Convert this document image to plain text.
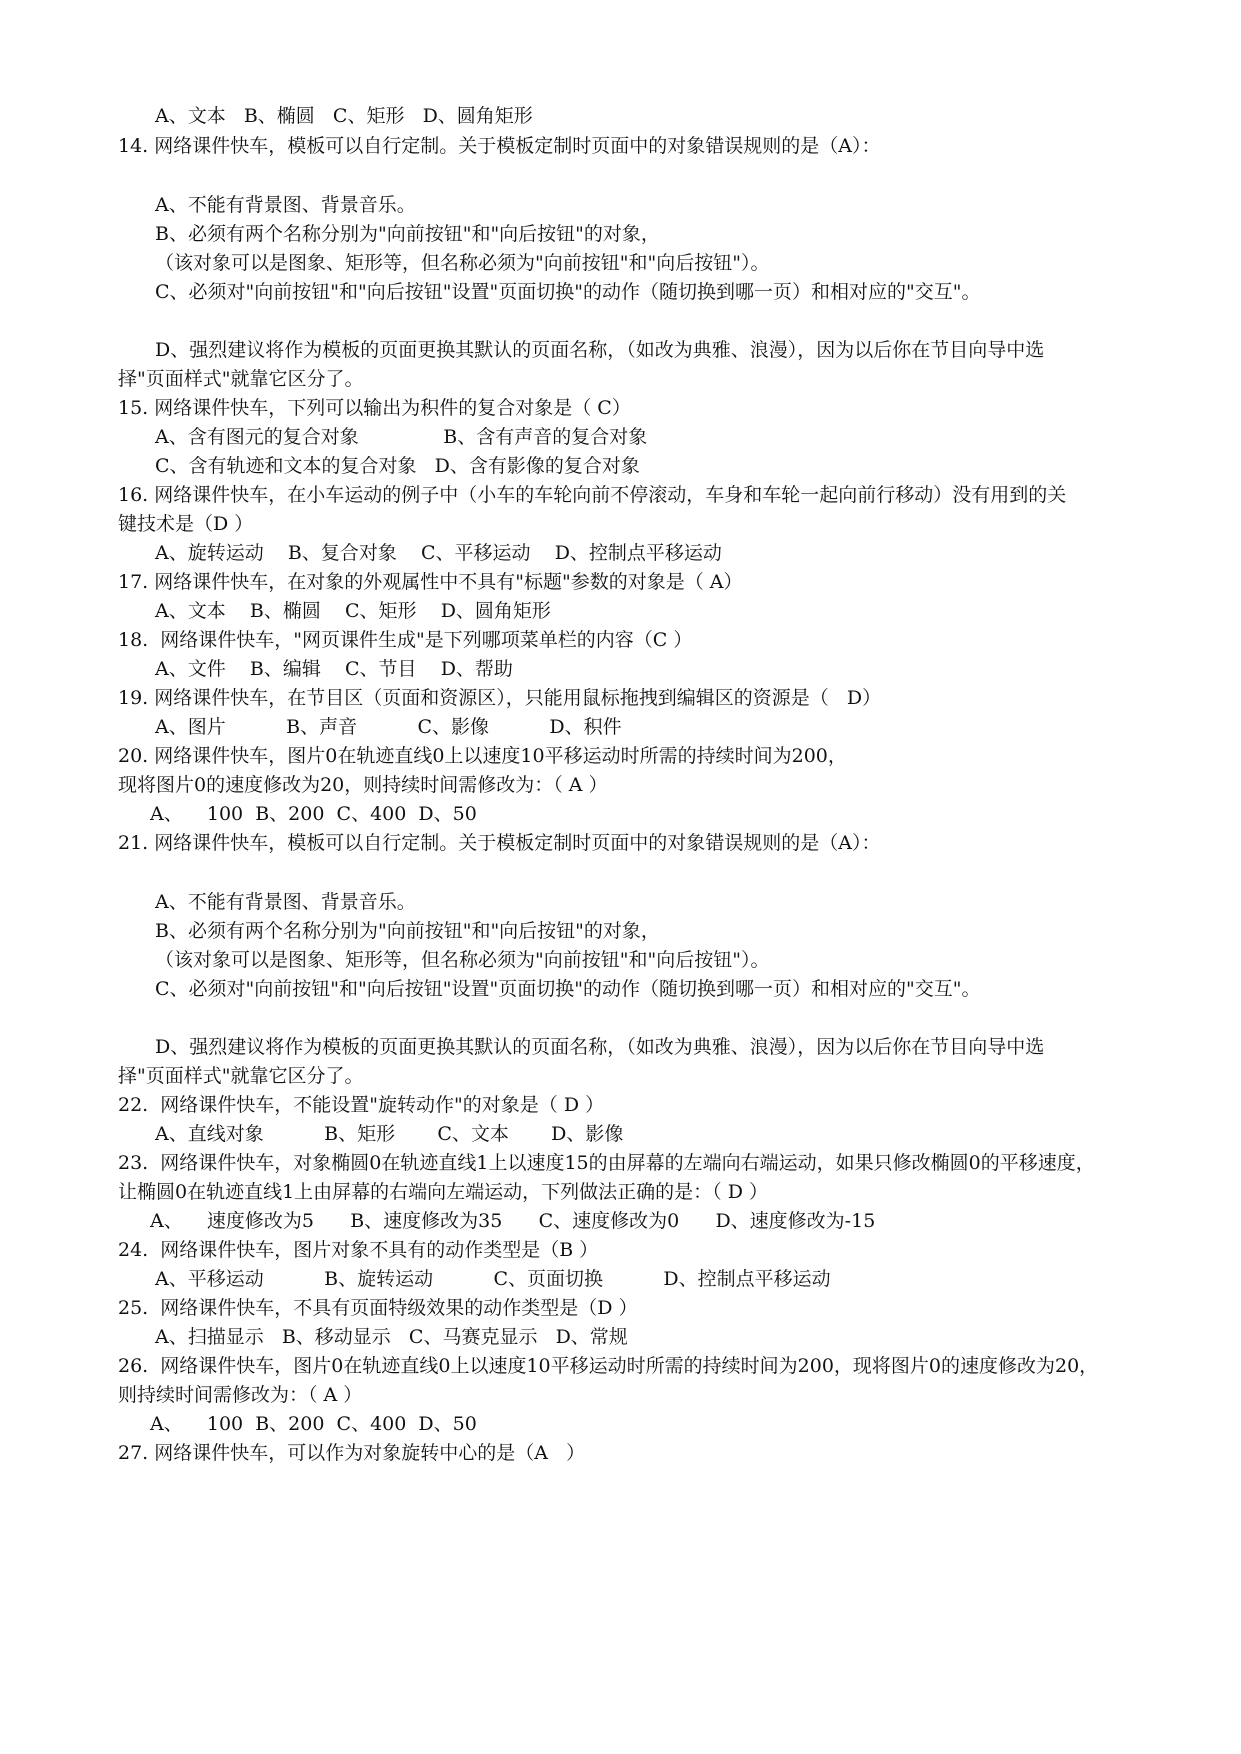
A、文本   B、椭圆   C、矩形   D、圆角矩形
14. 网络课件快车，模板可以自行定制。关于模板定制时页面中的对象错误规则的是（A）：
A、不能有背景图、背景音乐。
B、必须有两个名称分别为"向前按钮"和"向后按钮"的对象，
（该对象可以是图象、矩形等，但名称必须为"向前按钮"和"向后按钮"）。
C、必须对"向前按钮"和"向后按钮"设置"页面切换"的动作（随切换到哪一页）和相对应的"交互"。
D、强烈建议将作为模板的页面更换其默认的页面名称，（如改为典雅、浪漫），因为以后你在节目向导中选
择"页面样式"就靠它区分了。
15. 网络课件快车，下列可以输出为积件的复合对象是（ C）
A、含有图元的复合对象              B、含有声音的复合对象
C、含有轨迹和文本的复合对象   D、含有影像的复合对象
16. 网络课件快车，在小车运动的例子中（小车的车轮向前不停滚动，车身和车轮一起向前行移动）没有用到的关
键技术是（D ）
A、旋转运动    B、复合对象    C、平移运动    D、控制点平移运动
17. 网络课件快车，在对象的外观属性中不具有"标题"参数的对象是（ A）
A、文本    B、椭圆    C、矩形    D、圆角矩形
18.  网络课件快车，"网页课件生成"是下列哪项菜单栏的内容（C ）
A、文件    B、编辑    C、节目    D、帮助
19. 网络课件快车，在节目区（页面和资源区），只能用鼠标拖拽到编辑区的资源是（   D）
A、图片          B、声音          C、影像          D、积件
20. 网络课件快车，图片0在轨迹直线0上以速度10平移运动时所需的持续时间为200，
现将图片0的速度修改为20，则持续时间需修改为：（ A ）
A、    100  B、200  C、400  D、50
21. 网络课件快车，模板可以自行定制。关于模板定制时页面中的对象错误规则的是（A）：
A、不能有背景图、背景音乐。
B、必须有两个名称分别为"向前按钮"和"向后按钮"的对象，
（该对象可以是图象、矩形等，但名称必须为"向前按钮"和"向后按钮"）。
C、必须对"向前按钮"和"向后按钮"设置"页面切换"的动作（随切换到哪一页）和相对应的"交互"。
D、强烈建议将作为模板的页面更换其默认的页面名称，（如改为典雅、浪漫），因为以后你在节目向导中选
择"页面样式"就靠它区分了。
22.  网络课件快车，不能设置"旋转动作"的对象是（ D ）
A、直线对象          B、矩形       C、文本       D、影像
23.  网络课件快车，对象椭圆0在轨迹直线1上以速度15的由屏幕的左端向右端运动，如果只修改椭圆0的平移速度，
让椭圆0在轨迹直线1上由屏幕的右端向左端运动，下列做法正确的是：（ D ）
A、    速度修改为5      B、速度修改为35      C、速度修改为0      D、速度修改为-15
24.  网络课件快车，图片对象不具有的动作类型是（B ）
A、平移运动          B、旋转运动          C、页面切换          D、控制点平移运动
25.  网络课件快车，不具有页面特级效果的动作类型是（D ）
A、扫描显示   B、移动显示   C、马赛克显示   D、常规
26.  网络课件快车，图片0在轨迹直线0上以速度10平移运动时所需的持续时间为200，现将图片0的速度修改为20，
则持续时间需修改为：（ A ）
A、    100  B、200  C、400  D、50
27. 网络课件快车，可以作为对象旋转中心的是（A   ）
